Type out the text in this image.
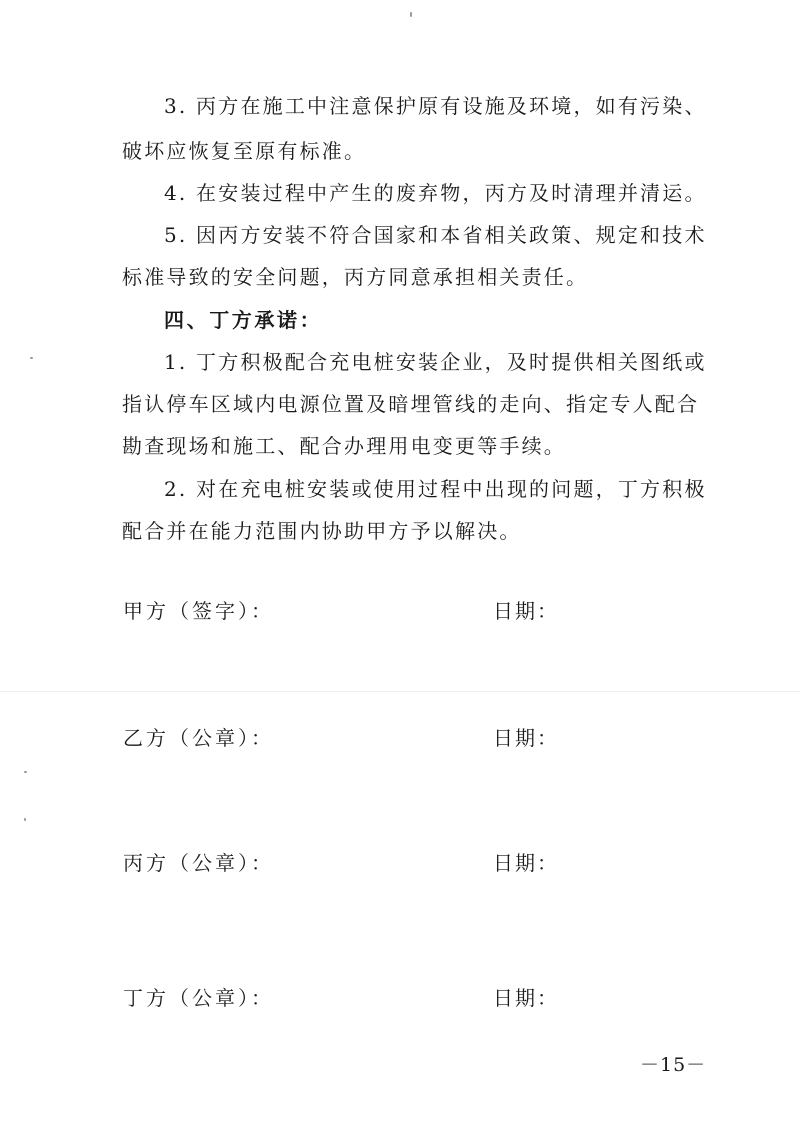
3. 丙方在施工中注意保护原有设施及环境，如有污染、
破坏应恢复至原有标准。
4. 在安装过程中产生的废弃物，丙方及时清理并清运。
5. 因丙方安装不符合国家和本省相关政策、规定和技术
标准导致的安全问题，丙方同意承担相关责任。
四、丁方承诺：
1. 丁方积极配合充电桩安装企业，及时提供相关图纸或
指认停车区域内电源位置及暗埋管线的走向、指定专人配合
勘查现场和施工、配合办理用电变更等手续。
2. 对在充电桩安装或使用过程中出现的问题，丁方积极
配合并在能力范围内协助甲方予以解决。
甲方（签字）：	日期：
乙方（公章）：	日期：
丙方（公章）：	日期：
丁方（公章）：	日期：
－15－
